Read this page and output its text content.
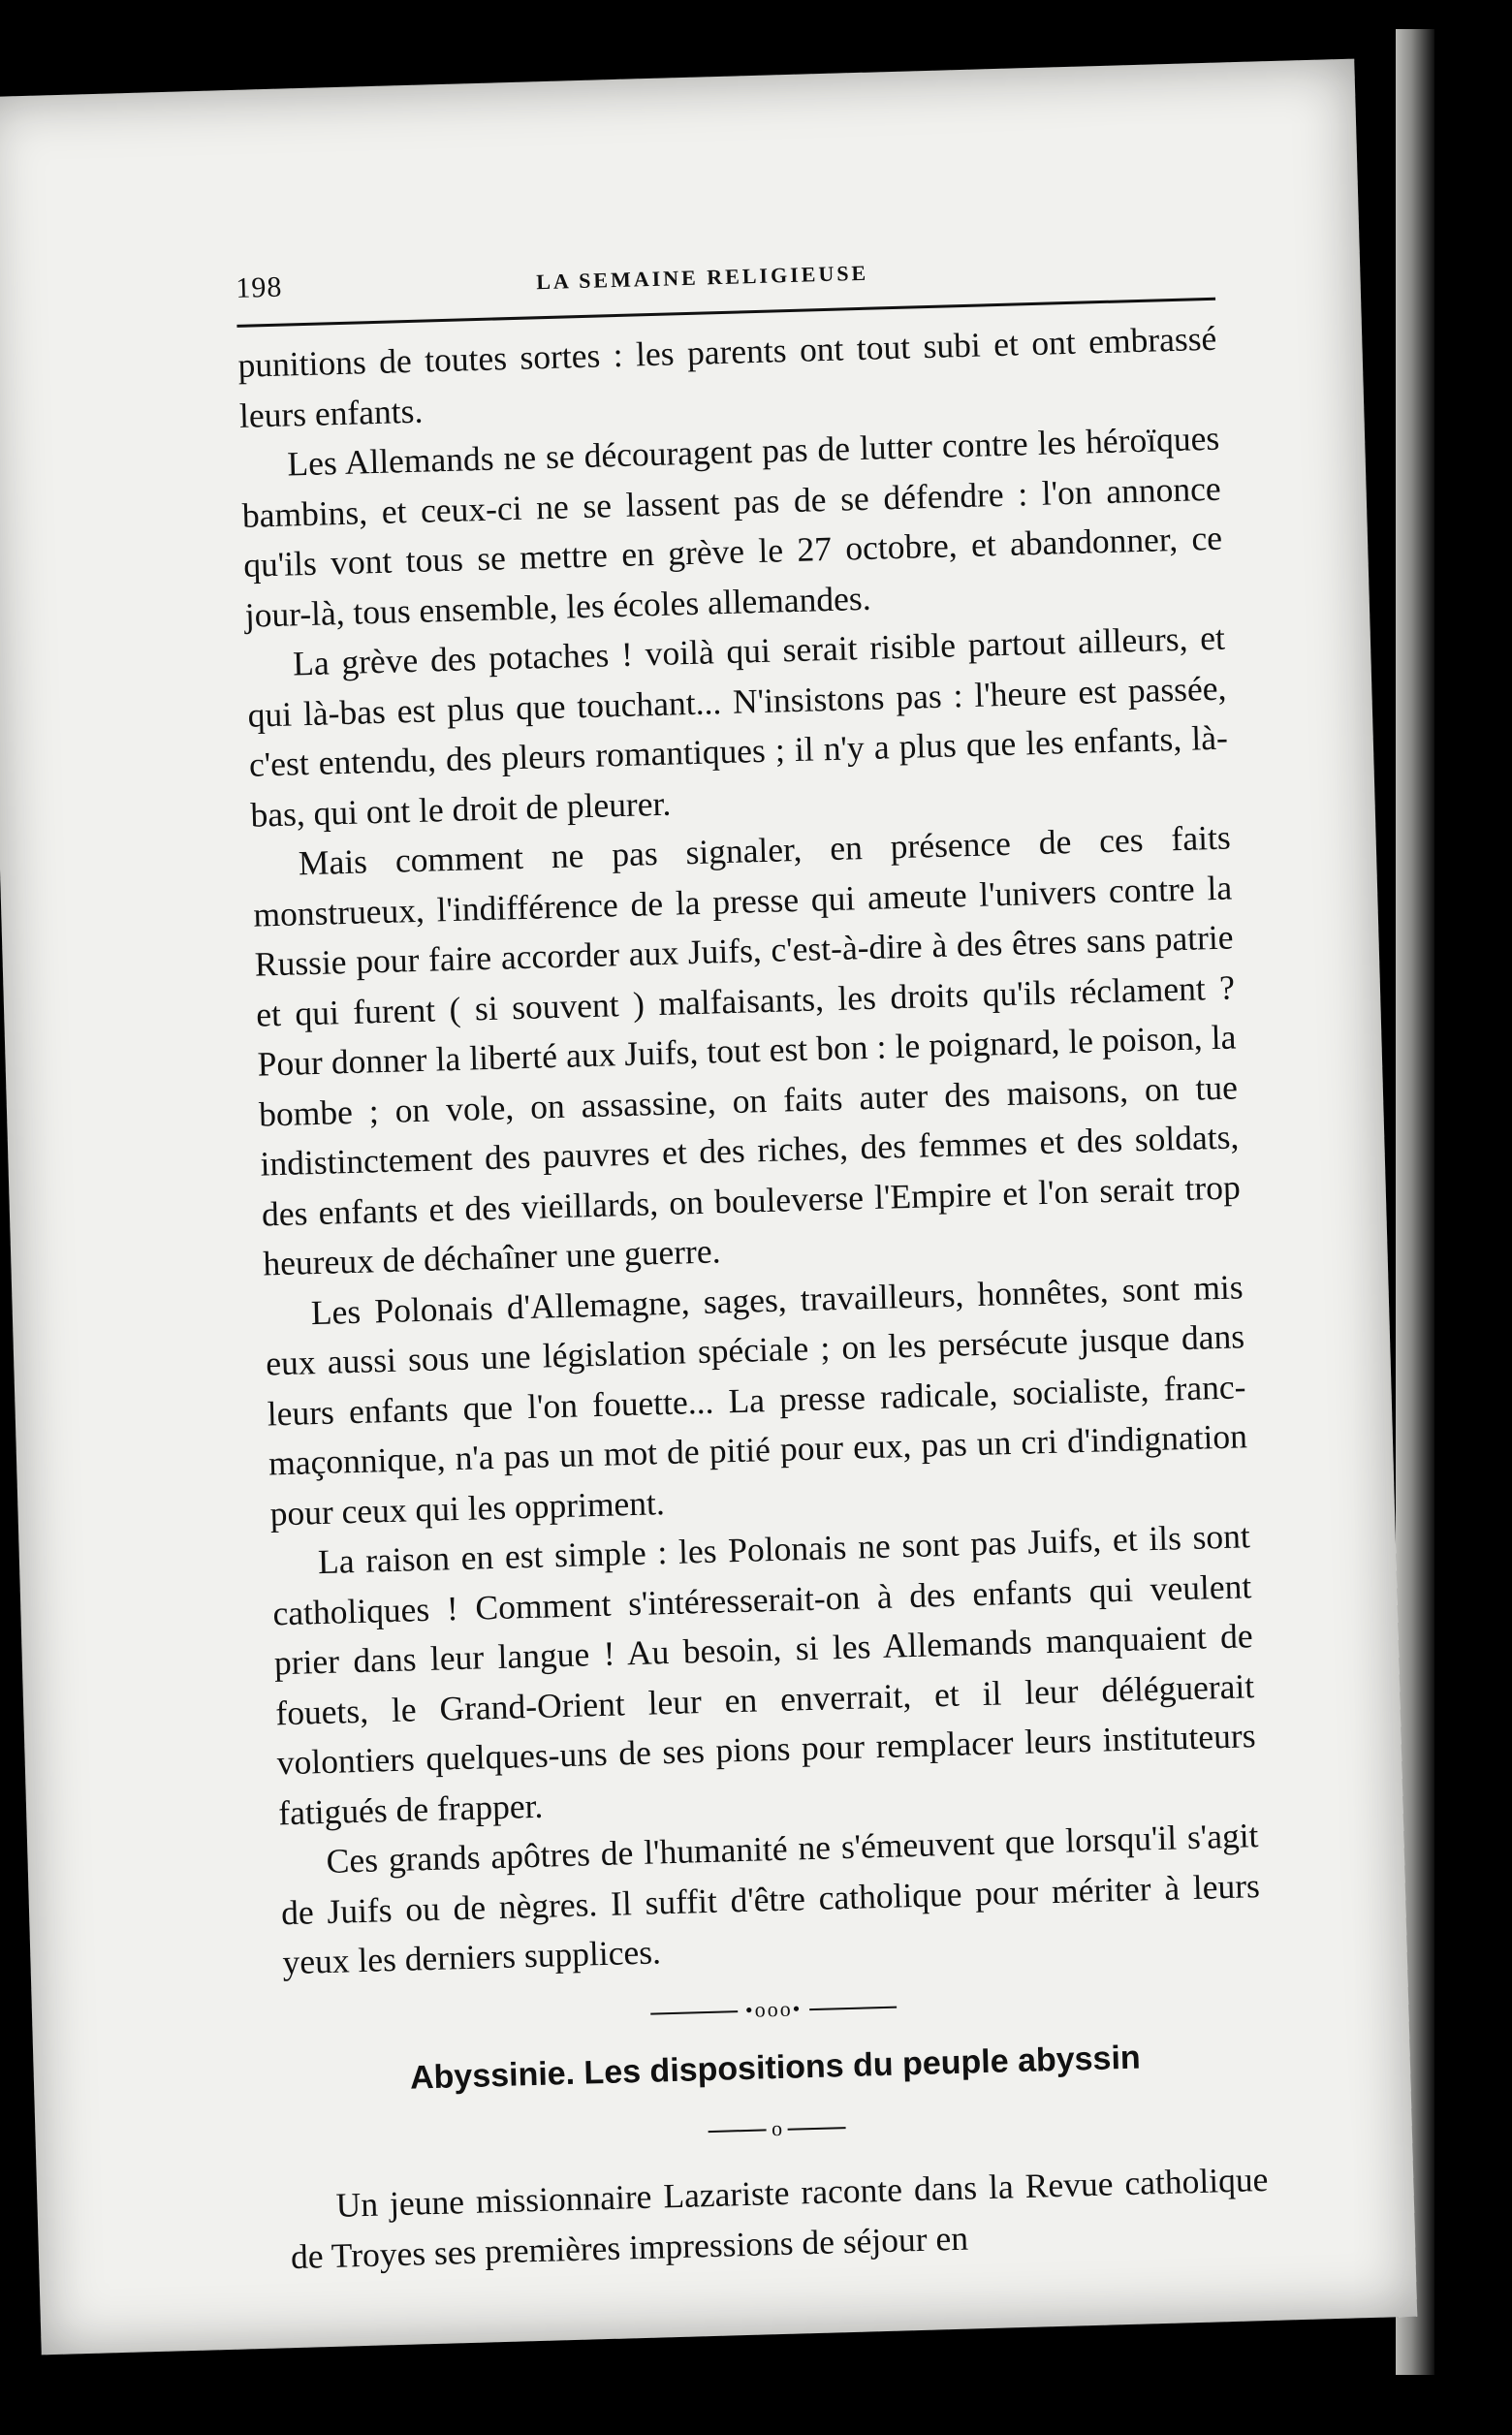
198	LA SEMAINE RELIGIEUSE

punitions de toutes sortes : les parents ont tout subi et ont embrassé leurs enfants.

Les Allemands ne se découragent pas de lutter contre les héroïques bambins, et ceux-ci ne se lassent pas de se défendre : l'on annonce qu'ils vont tous se mettre en grève le 27 octobre, et abandonner, ce jour-là, tous ensemble, les écoles allemandes.

La grève des potaches ! voilà qui serait risible partout ailleurs, et qui là-bas est plus que touchant... N'insistons pas : l'heure est passée, c'est entendu, des pleurs romantiques ; il n'y a plus que les enfants, là-bas, qui ont le droit de pleurer.

Mais comment ne pas signaler, en présence de ces faits monstrueux, l'indifférence de la presse qui ameute l'univers contre la Russie pour faire accorder aux Juifs, c'est-à-dire à des êtres sans patrie et qui furent ( si souvent ) malfaisants, les droits qu'ils réclament ? Pour donner la liberté aux Juifs, tout est bon : le poignard, le poison, la bombe ; on vole, on assassine, on faits auter des maisons, on tue indistinctement des pauvres et des riches, des femmes et des soldats, des enfants et des vieillards, on bouleverse l'Empire et l'on serait trop heureux de déchaîner une guerre.

Les Polonais d'Allemagne, sages, travailleurs, honnêtes, sont mis eux aussi sous une législation spéciale ; on les persécute jusque dans leurs enfants que l'on fouette... La presse radicale, socialiste, franc-maçonnique, n'a pas un mot de pitié pour eux, pas un cri d'indignation pour ceux qui les oppriment.

La raison en est simple : les Polonais ne sont pas Juifs, et ils sont catholiques ! Comment s'intéresserait-on à des enfants qui veulent prier dans leur langue ! Au besoin, si les Allemands manquaient de fouets, le Grand-Orient leur en enverrait, et il leur déléguerait volontiers quelques-uns de ses pions pour remplacer leurs instituteurs fatigués de frapper.

Ces grands apôtres de l'humanité ne s'émeuvent que lorsqu'il s'agit de Juifs ou de nègres. Il suffit d'être catholique pour mériter à leurs yeux les derniers supplices.

•ooo•
Abyssinie. Les dispositions du peuple abyssin
o

Un jeune missionnaire Lazariste raconte dans la Revue catholique de Troyes ses premières impressions de séjour en
